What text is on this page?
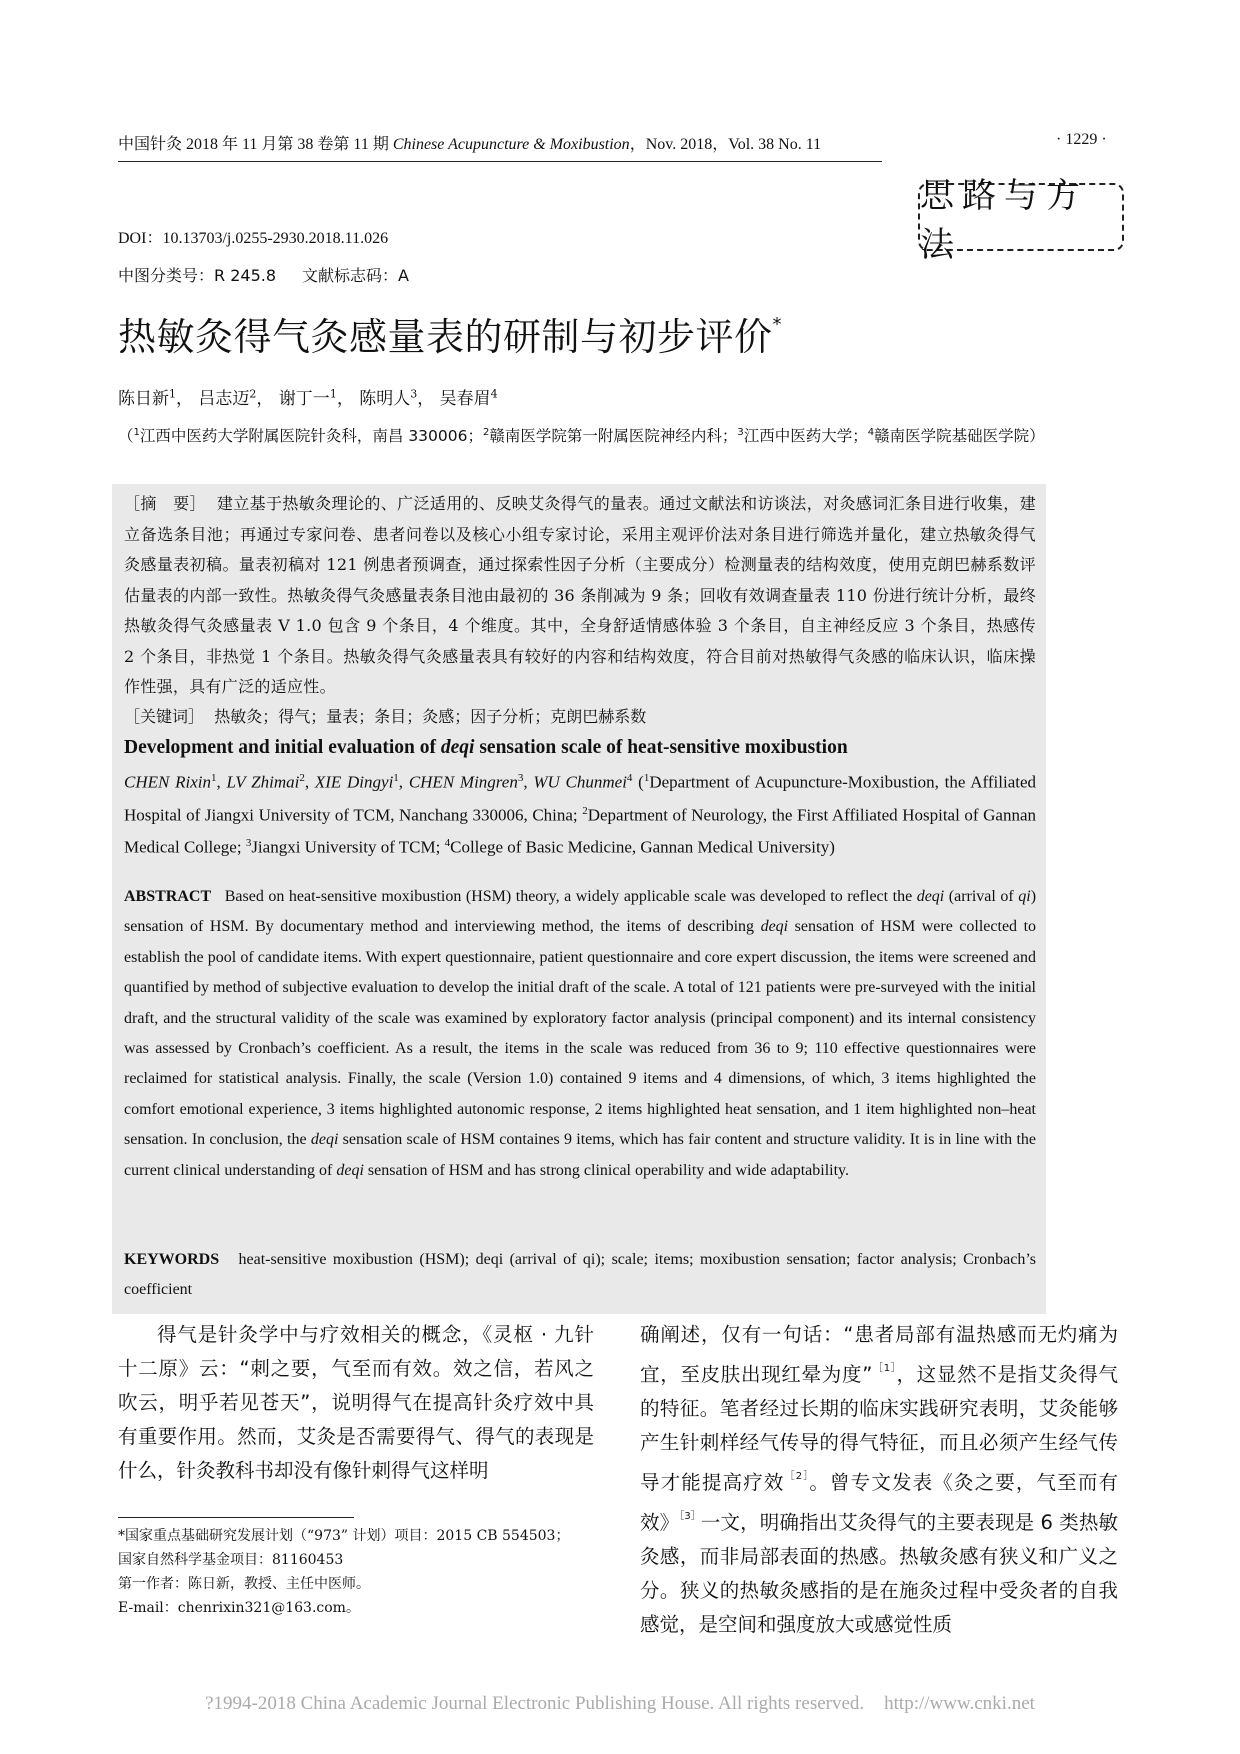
中国针灸 2018 年 11 月第 38 卷第 11 期 Chinese Acupuncture & Moxibustion，Nov. 2018，Vol. 38 No. 11	· 1229 ·
思路与方法
DOI：10.13703/j.0255-2930.2018.11.026
中图分类号：R 245.8 文献标志码：A
热敏灸得气灸感量表的研制与初步评价*
陈日新$^1$， 吕志迈$^2$， 谢丁一$^1$， 陈明人$^3$， 吴春眉$^4$
（$^1$江西中医药大学附属医院针灸科，南昌 330006；$^2$赣南医学院第一附属医院神经内科；$^3$江西中医药大学；$^4$赣南医学院基础医学院）
［摘　要］ 建立基于热敏灸理论的、广泛适用的、反映艾灸得气的量表。通过文献法和访谈法，对灸感词汇条目进行收集，建立备选条目池；再通过专家问卷、患者问卷以及核心小组专家讨论，采用主观评价法对条目进行筛选并量化，建立热敏灸得气灸感量表初稿。量表初稿对 121 例患者预调查，通过探索性因子分析（主要成分）检测量表的结构效度，使用克朗巴赫系数评估量表的内部一致性。热敏灸得气灸感量表条目池由最初的 36 条削减为 9 条；回收有效调查量表 110 份进行统计分析，最终热敏灸得气灸感量表 V 1.0 包含 9 个条目，4 个维度。其中，全身舒适情感体验 3 个条目，自主神经反应 3 个条目，热感传 2 个条目，非热觉 1 个条目。热敏灸得气灸感量表具有较好的内容和结构效度，符合目前对热敏得气灸感的临床认识，临床操作性强，具有广泛的适应性。
［关键词］ 热敏灸；得气；量表；条目；灸感；因子分析；克朗巴赫系数
Development and initial evaluation of deqi sensation scale of heat-sensitive moxibustion
CHEN Rixin$^1$, LV Zhimai$^2$, XIE Dingyi$^1$, CHEN Mingren$^3$, WU Chunmei$^4$ ($^1$Department of Acupuncture-Moxibustion, the Affiliated Hospital of Jiangxi University of TCM, Nanchang 330006, China; $^2$Department of Neurology, the First Affiliated Hospital of Gannan Medical College; $^3$Jiangxi University of TCM; $^4$College of Basic Medicine, Gannan Medical University)
ABSTRACT Based on heat-sensitive moxibustion (HSM) theory, a widely applicable scale was developed to reflect the deqi (arrival of qi) sensation of HSM. By documentary method and interviewing method, the items of describing deqi sensation of HSM were collected to establish the pool of candidate items. With expert questionnaire, patient questionnaire and core expert discussion, the items were screened and quantified by method of subjective evaluation to develop the initial draft of the scale. A total of 121 patients were pre-surveyed with the initial draft, and the structural validity of the scale was examined by exploratory factor analysis (principal component) and its internal consistency was assessed by Cronbach’s coefficient. As a result, the items in the scale was reduced from 36 to 9; 110 effective questionnaires were reclaimed for statistical analysis. Finally, the scale (Version 1.0) contained 9 items and 4 dimensions, of which, 3 items highlighted the comfort emotional experience, 3 items highlighted autonomic response, 2 items highlighted heat sensation, and 1 item highlighted non–heat sensation. In conclusion, the deqi sensation scale of HSM containes 9 items, which has fair content and structure validity. It is in line with the current clinical understanding of deqi sensation of HSM and has strong clinical operability and wide adaptability.
KEYWORDS heat-sensitive moxibustion (HSM); deqi (arrival of qi); scale; items; moxibustion sensation; factor analysis; Cronbach’s coefficient
得气是针灸学中与疗效相关的概念，《灵枢 · 九针十二原》云：“刺之要，气至而有效。效之信，若风之吹云，明乎若见苍天”，说明得气在提高针灸疗效中具有重要作用。然而，艾灸是否需要得气、得气的表现是什么，针灸教科书却没有像针刺得气这样明
确阐述，仅有一句话：“患者局部有温热感而无灼痛为宜，至皮肤出现红晕为度”$^{[1]}$，这显然不是指艾灸得气的特征。笔者经过长期的临床实践研究表明，艾灸能够产生针刺样经气传导的得气特征，而且必须产生经气传导才能提高疗效$^{[2]}$。曾专文发表《灸之要，气至而有效》$^{[3]}$一文，明确指出艾灸得气的主要表现是 6 类热敏灸感，而非局部表面的热感。热敏灸感有狭义和广义之分。狭义的热敏灸感指的是在施灸过程中受灸者的自我感觉，是空间和强度放大或感觉性质
*国家重点基础研究发展计划（“973” 计划）项目：2015 CB 554503；
国家自然科学基金项目：81160453
第一作者：陈日新，教授、主任中医师。
E-mail：chenrixin321@163.com。
?1994-2018 China Academic Journal Electronic Publishing House. All rights reserved. http://www.cnki.net
